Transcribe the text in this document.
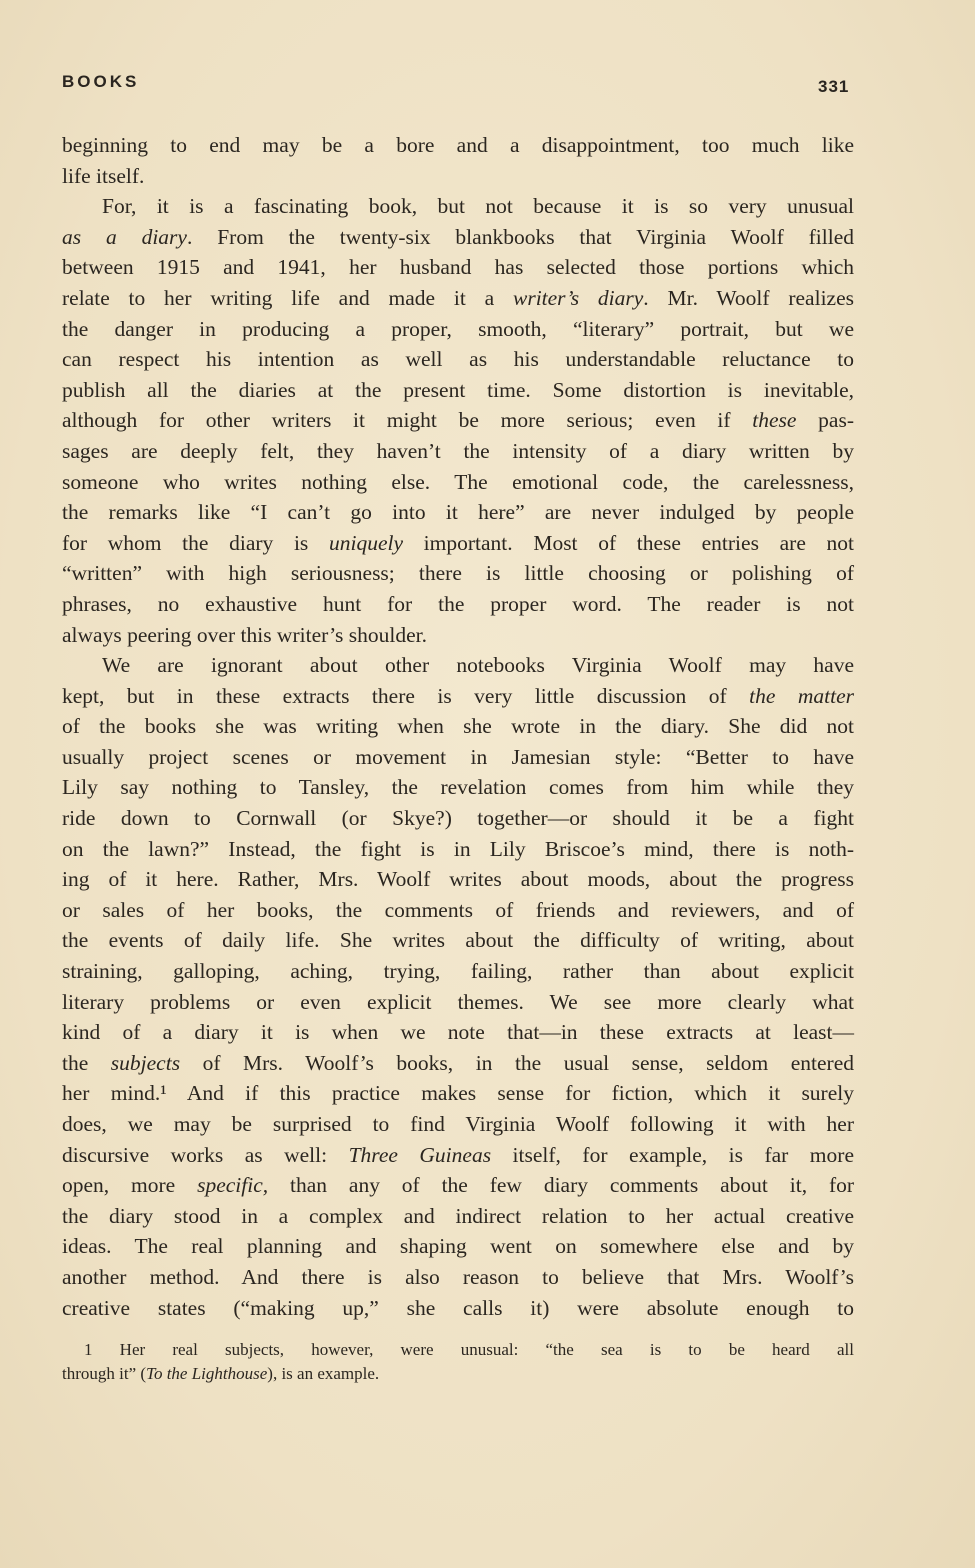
BOOKS	331
beginning to end may be a bore and a disappointment, too much like
life itself.
For, it is a fascinating book, but not because it is so very unusual
as a diary. From the twenty-six blankbooks that Virginia Woolf filled
between 1915 and 1941, her husband has selected those portions which
relate to her writing life and made it a writer’s diary. Mr. Woolf realizes
the danger in producing a proper, smooth, “literary” portrait, but we
can respect his intention as well as his understandable reluctance to
publish all the diaries at the present time. Some distortion is inevitable,
although for other writers it might be more serious; even if these pas-
sages are deeply felt, they haven’t the intensity of a diary written by
someone who writes nothing else. The emotional code, the carelessness,
the remarks like “I can’t go into it here” are never indulged by people
for whom the diary is uniquely important. Most of these entries are not
“written” with high seriousness; there is little choosing or polishing of
phrases, no exhaustive hunt for the proper word. The reader is not
always peering over this writer’s shoulder.
We are ignorant about other notebooks Virginia Woolf may have
kept, but in these extracts there is very little discussion of the matter
of the books she was writing when she wrote in the diary. She did not
usually project scenes or movement in Jamesian style: “Better to have
Lily say nothing to Tansley, the revelation comes from him while they
ride down to Cornwall (or Skye?) together—or should it be a fight
on the lawn?” Instead, the fight is in Lily Briscoe’s mind, there is noth-
ing of it here. Rather, Mrs. Woolf writes about moods, about the progress
or sales of her books, the comments of friends and reviewers, and of
the events of daily life. She writes about the difficulty of writing, about
straining, galloping, aching, trying, failing, rather than about explicit
literary problems or even explicit themes. We see more clearly what
kind of a diary it is when we note that—in these extracts at least—
the subjects of Mrs. Woolf’s books, in the usual sense, seldom entered
her mind.¹ And if this practice makes sense for fiction, which it surely
does, we may be surprised to find Virginia Woolf following it with her
discursive works as well: Three Guineas itself, for example, is far more
open, more specific, than any of the few diary comments about it, for
the diary stood in a complex and indirect relation to her actual creative
ideas. The real planning and shaping went on somewhere else and by
another method. And there is also reason to believe that Mrs. Woolf’s
creative states (“making up,” she calls it) were absolute enough to
1 Her real subjects, however, were unusual: “the sea is to be heard all
through it” (To the Lighthouse), is an example.
